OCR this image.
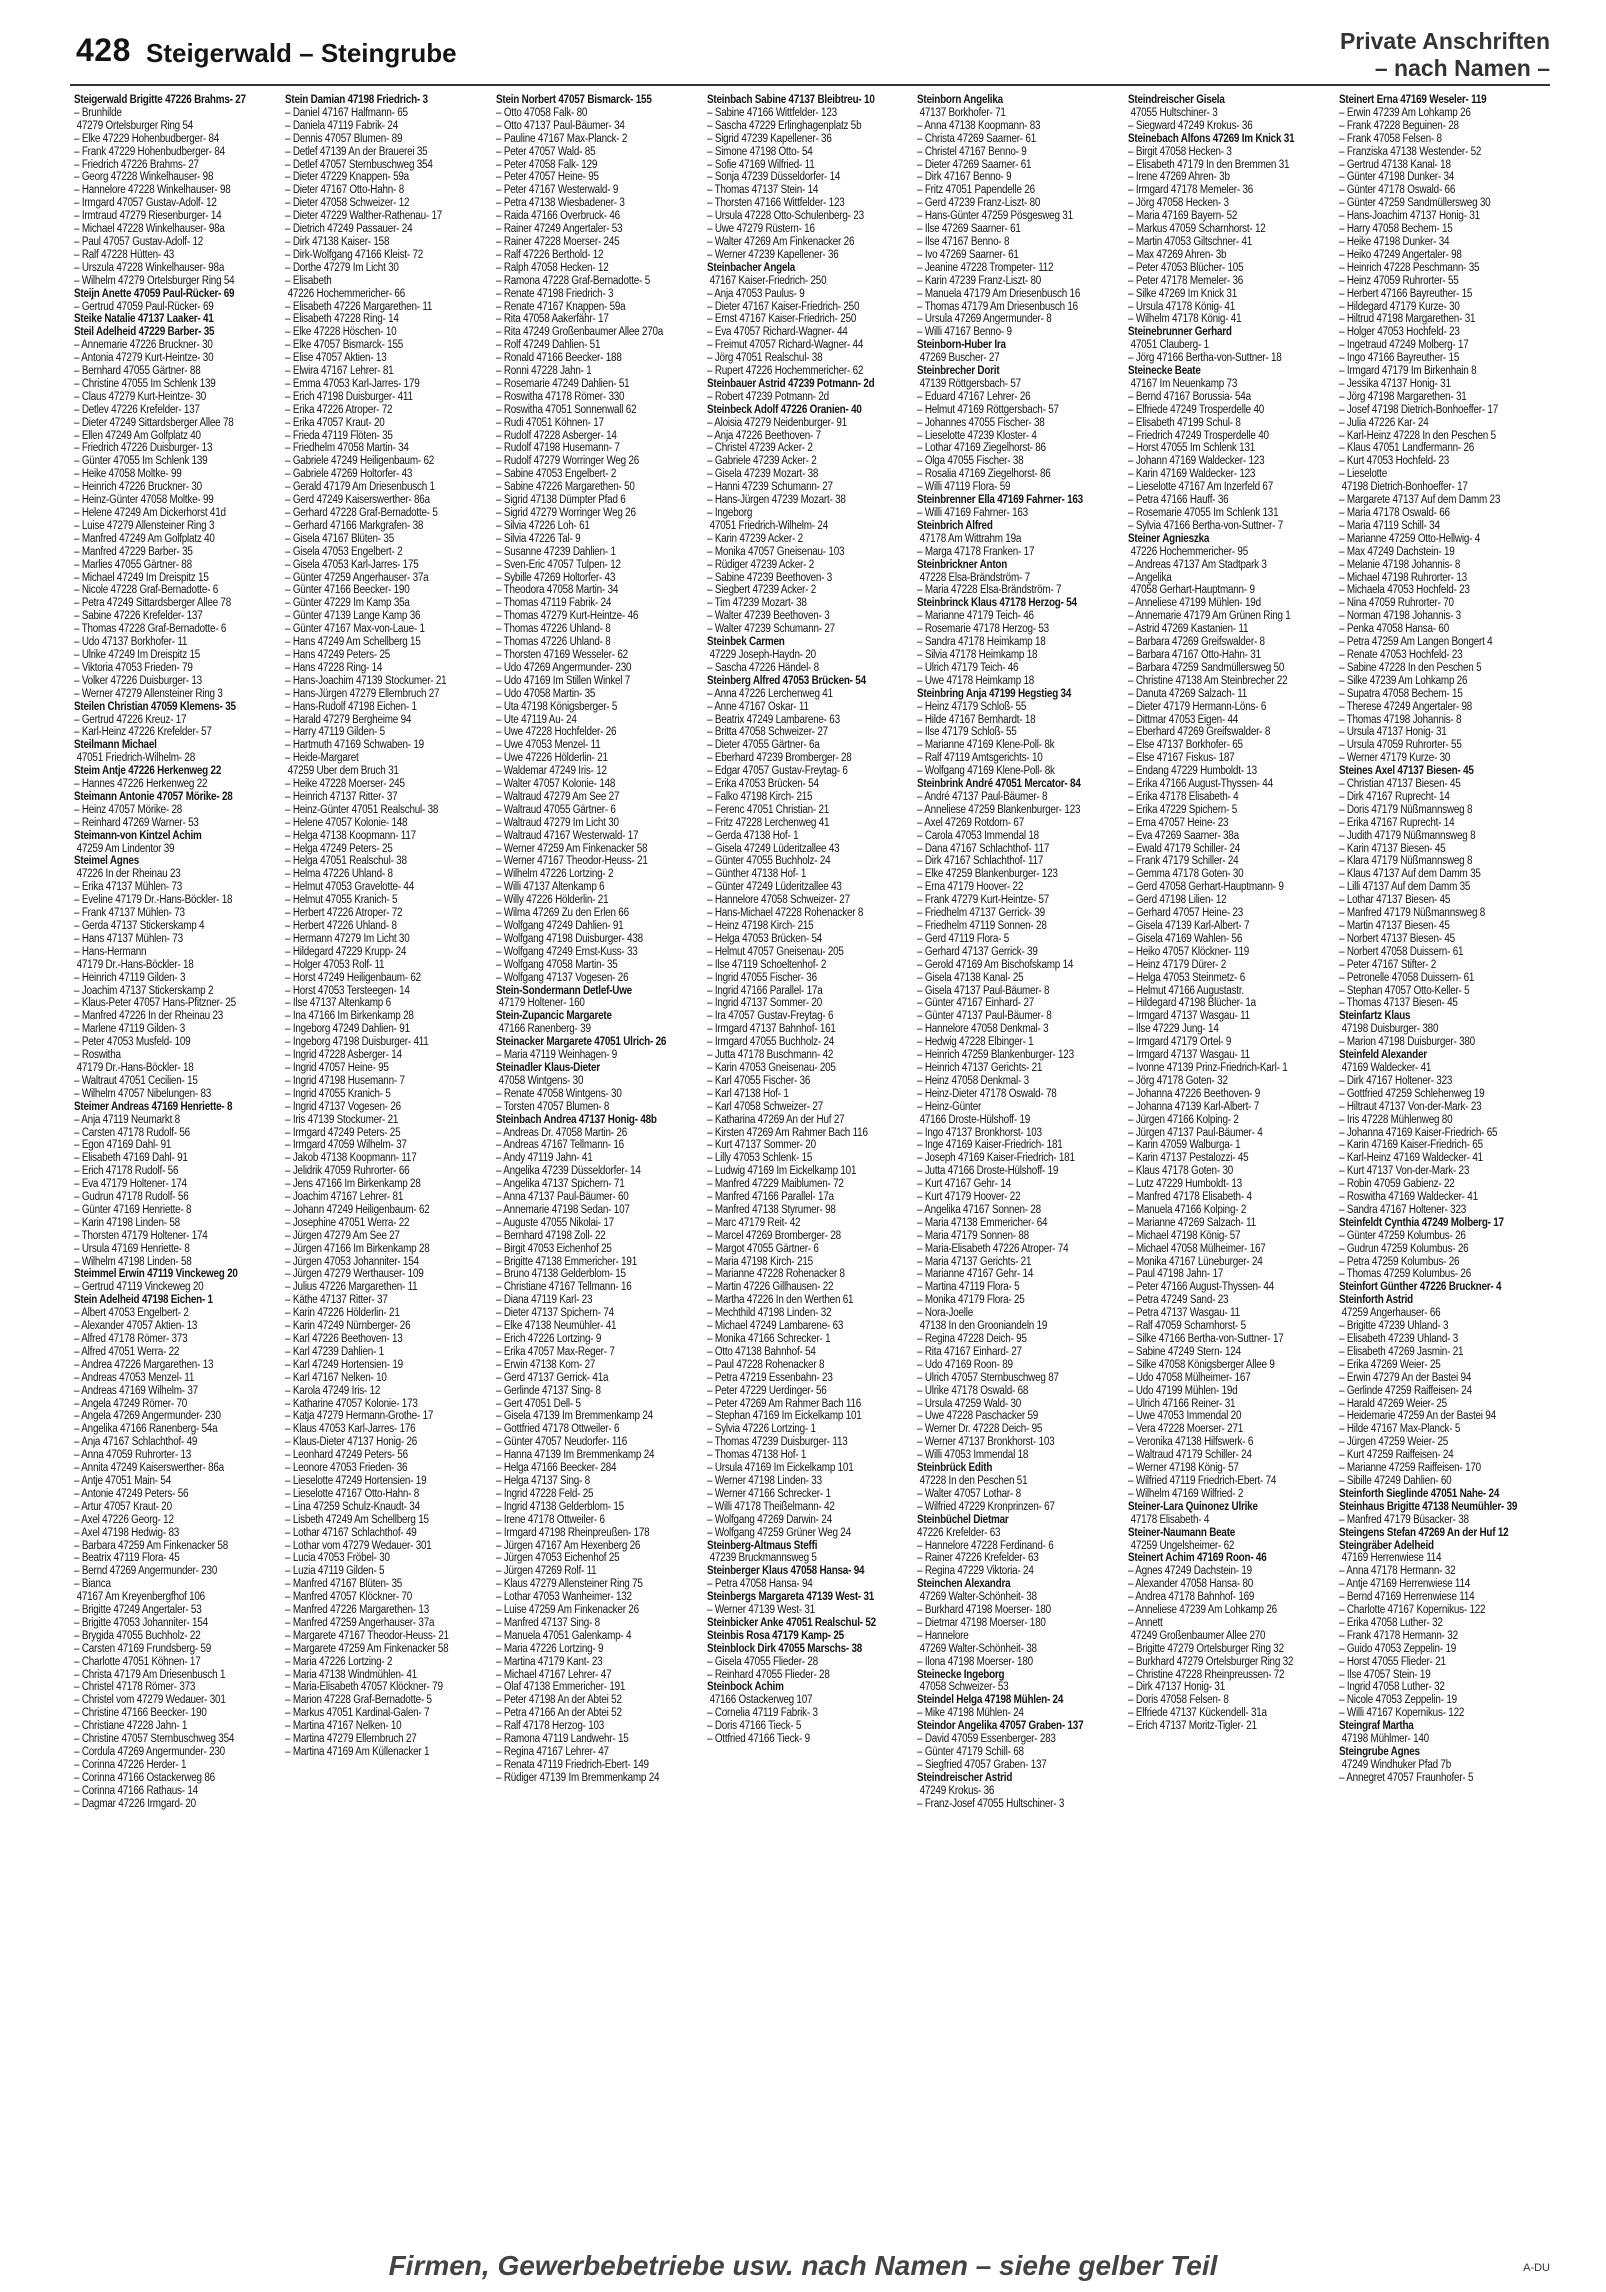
428 Steigerwald – Steingrube	Private Anschriften
– nach Namen –
Steigerwald Brigitte 47226 Brahms- 27
– Brunhilde
47279 Ortelsburger Ring 54
– Elke 47229 Hohenbudberger- 84
– Frank 47229 Hohenbudberger- 84
– Friedrich 47226 Brahms- 27
– Georg 47228 Winkelhauser- 98
– Hannelore 47228 Winkelhauser- 98
– Irmgard 47057 Gustav-Adolf- 12
– Irmtraud 47279 Riesenburger- 14
– Michael 47228 Winkelhauser- 98a
– Paul 47057 Gustav-Adolf- 12
– Ralf 47228 Hütten- 43
– Urszula 47228 Winkelhauser- 98a
– Wilhelm 47279 Ortelsburger Ring 54
Steijn Anette 47059 Paul-Rücker- 69
– Gertrud 47059 Paul-Rücker- 69
Steike Natalie 47137 Laaker- 41
Steil Adelheid 47229 Barber- 35
– Annemarie 47226 Bruckner- 30
– Antonia 47279 Kurt-Heintze- 30
– Bernhard 47055 Gärtner- 88
– Christine 47055 Im Schlenk 139
– Claus 47279 Kurt-Heintze- 30
– Detlev 47226 Krefelder- 137
– Dieter 47249 Sittardsberger Allee 78
– Ellen 47249 Am Golfplatz 40
– Friedrich 47226 Duisburger- 13
– Günter 47055 Im Schlenk 139
– Heike 47058 Moltke- 99
– Heinrich 47226 Bruckner- 30
– Heinz-Günter 47058 Moltke- 99
– Helene 47249 Am Dickerhorst 41d
– Luise 47279 Allensteiner Ring 3
– Manfred 47249 Am Golfplatz 40
– Manfred 47229 Barber- 35
– Marlies 47055 Gärtner- 88
– Michael 47249 Im Dreispitz 15
– Nicole 47228 Graf-Bernadotte- 6
– Petra 47249 Sittardsberger Allee 78
– Sabine 47226 Krefelder- 137
– Thomas 47228 Graf-Bernadotte- 6
– Udo 47137 Borkhofer- 11
– Ulrike 47249 Im Dreispitz 15
– Viktoria 47053 Frieden- 79
– Volker 47226 Duisburger- 13
– Werner 47279 Allensteiner Ring 3
Steilen Christian 47059 Klemens- 35
– Gertrud 47226 Kreuz- 17
– Karl-Heinz 47226 Krefelder- 57
Steilmann Michael
47051 Friedrich-Wilhelm- 28
Steim Antje 47226 Herkenweg 22
– Hannes 47226 Herkenweg 22
Steimann Antonie 47057 Mörike- 28
– Heinz 47057 Mörike- 28
– Reinhard 47269 Warner- 53
Steimann-von Kintzel Achim
47259 Am Lindentor 39
Steimel Agnes
47226 In der Rheinau 23
– Erika 47137 Mühlen- 73
– Eveline 47179 Dr.-Hans-Böckler- 18
– Frank 47137 Mühlen- 73
– Gerda 47137 Stickerskamp 4
– Hans 47137 Mühlen- 73
– Hans-Hermann
47179 Dr.-Hans-Böckler- 18
– Heinrich 47119 Gilden- 3
– Joachim 47137 Stickerskamp 2
– Klaus-Peter 47057 Hans-Pfitzner- 25
– Manfred 47226 In der Rheinau 23
– Marlene 47119 Gilden- 3
– Peter 47053 Musfeld- 109
– Roswitha
47179 Dr.-Hans-Böckler- 18
– Waltraut 47051 Cecilien- 15
– Wilhelm 47057 Nibelungen- 83
Steimer Andreas 47169 Henriette- 8
– Anja 47119 Neumarkt 8
– Carsten 47178 Rudolf- 56
– Egon 47169 Dahl- 91
– Elisabeth 47169 Dahl- 91
– Erich 47178 Rudolf- 56
– Eva 47179 Holtener- 174
– Gudrun 47178 Rudolf- 56
– Günter 47169 Henriette- 8
– Karin 47198 Linden- 58
– Thorsten 47179 Holtener- 174
– Ursula 47169 Henriette- 8
– Wilhelm 47198 Linden- 58
Steimmel Erwin 47119 Vinckeweg 20
– Gertrud 47119 Vinckeweg 20
Stein Adelheid 47198 Eichen- 1
– Albert 47053 Engelbert- 2
– Alexander 47057 Aktien- 13
– Alfred 47178 Römer- 373
– Alfred 47051 Werra- 22
– Andrea 47226 Margarethen- 13
– Andreas 47053 Menzel- 11
– Andreas 47169 Wilhelm- 37
– Angela 47249 Römer- 70
– Angela 47269 Angermunder- 230
– Angelika 47166 Ranenberg- 54a
– Anja 47167 Schlachthof- 49
– Anna 47059 Ruhrorter- 13
– Annita 47249 Kaiserswerther- 86a
– Antje 47051 Main- 54
– Antonie 47249 Peters- 56
– Artur 47057 Kraut- 20
– Axel 47226 Georg- 12
– Axel 47198 Hedwig- 83
– Barbara 47259 Am Finkenacker 58
– Beatrix 47119 Flora- 45
– Bernd 47269 Angermunder- 230
– Bianca
47167 Am Kreyenbergfhof 106
– Brigitte 47249 Angertaler- 53
– Brigitte 47053 Johanniter- 154
– Brygida 47055 Buchholz- 22
– Carsten 47169 Frundsberg- 59
– Charlotte 47051 Köhnen- 17
– Christa 47179 Am Driesenbusch 1
– Christel 47178 Römer- 373
– Christel vom 47279 Wedauer- 301
– Christine 47166 Beecker- 190
– Christiane 47228 Jahn- 1
– Christine 47057 Sternbuschweg 354
– Cordula 47269 Angermunder- 230
– Corinna 47226 Herder- 1
– Corinna 47166 Ostackerweg 86
– Corinna 47166 Rathaus- 14
– Dagmar 47226 Irmgard- 20
Stein Damian 47198 Friedrich- 3
– Daniel 47167 Halfmann- 65
– Daniela 47119 Fabrik- 24
– Dennis 47057 Blumen- 89
– Detlef 47139 An der Brauerei 35
– Detlef 47057 Sternbuschweg 354
– Dieter 47229 Knappen- 59a
– Dieter 47167 Otto-Hahn- 8
– Dieter 47058 Schweizer- 12
– Dieter 47229 Walther-Rathenau- 17
– Dietrich 47249 Passauer- 24
– Dirk 47138 Kaiser- 158
– Dirk-Wolfgang 47166 Kleist- 72
– Dorthe 47279 Im Licht 30
– Elisabeth
47226 Hochemmericher- 66
– Elisabeth 47226 Margarethen- 11
– Elisabeth 47228 Ring- 14
– Elke 47228 Höschen- 10
– Elke 47057 Bismarck- 155
– Elise 47057 Aktien- 13
– Elwira 47167 Lehrer- 81
– Emma 47053 Karl-Jarres- 179
– Erich 47198 Duisburger- 411
– Erika 47226 Atroper- 72
– Erika 47057 Kraut- 20
– Frieda 47119 Flöten- 35
– Friedhelm 47058 Martin- 34
– Gabriele 47249 Heiligenbaum- 62
– Gabriele 47269 Holtorfer- 43
– Gerald 47179 Am Driesenbusch 1
– Gerd 47249 Kaiserswerther- 86a
– Gerhard 47228 Graf-Bernadotte- 5
– Gerhard 47166 Markgrafen- 38
– Gisela 47167 Blüten- 35
– Gisela 47053 Engelbert- 2
– Gisela 47053 Karl-Jarres- 175
– Günter 47259 Angerhauser- 37a
– Günter 47166 Beecker- 190
– Günter 47229 Im Kamp 35a
– Günter 47139 Lange Kamp 36
– Günter 47167 Max-von-Laue- 1
– Hans 47249 Am Schellberg 15
– Hans 47249 Peters- 25
– Hans 47228 Ring- 14
– Hans-Joachim 47139 Stockumer- 21
– Hans-Jürgen 47279 Ellernbruch 27
– Hans-Rudolf 47198 Eichen- 1
– Harald 47279 Bergheime 94
– Harry 47119 Gilden- 5
– Hartmuth 47169 Schwaben- 19
– Heide-Margaret
47259 Über dem Bruch 31
– Heike 47228 Moerser- 245
– Heinrich 47137 Ritter- 37
– Heinz-Günter 47051 Realschul- 38
– Helene 47057 Kolonie- 148
– Helga 47138 Koopmann- 117
– Helga 47249 Peters- 25
– Helga 47051 Realschul- 38
– Helma 47226 Uhland- 8
– Helmut 47053 Gravelotte- 44
– Helmut 47055 Kranich- 5
– Herbert 47226 Atroper- 72
– Herbert 47226 Uhland- 8
– Hermann 47279 Im Licht 30
– Hildegard 47229 Krupp- 24
– Holger 47053 Rolf- 11
– Horst 47249 Heiligenbaum- 62
– Horst 47053 Tersteegen- 14
– Ilse 47137 Altenkamp 6
– Ina 47166 Im Birkenkamp 28
– Ingeborg 47249 Dahlien- 91
– Ingeborg 47198 Duisburger- 411
– Ingrid 47228 Asberger- 14
– Ingrid 47057 Heine- 95
– Ingrid 47198 Husemann- 7
– Ingrid 47055 Kranich- 5
– Ingrid 47137 Vogesen- 26
– Iris 47139 Stockumer- 21
– Irmgard 47249 Peters- 25
– Irmgard 47059 Wilhelm- 37
– Jakob 47138 Koopmann- 117
– Jelidrik 47059 Ruhrorter- 66
– Jens 47166 Im Birkenkamp 28
– Joachim 47167 Lehrer- 81
– Johann 47249 Heiligenbaum- 62
– Josephine 47051 Werra- 22
– Jürgen 47279 Am See 27
– Jürgen 47166 Im Birkenkamp 28
– Jürgen 47053 Johanniter- 154
– Jürgen 47279 Werthauser- 109
– Julius 47226 Margarethen- 11
– Käthe 47137 Ritter- 37
– Karin 47226 Hölderlin- 21
– Karin 47249 Nürnberger- 26
– Karl 47226 Beethoven- 13
– Karl 47239 Dahlien- 1
– Karl 47249 Hortensien- 19
– Karl 47167 Nelken- 10
– Karola 47249 Iris- 12
– Katharine 47057 Kolonie- 173
– Katja 47279 Hermann-Grothe- 17
– Klaus 47053 Karl-Jarres- 176
– Klaus-Dieter 47137 Honig- 26
– Leonhard 47249 Peters- 56
– Leonore 47053 Frieden- 36
– Lieselotte 47249 Hortensien- 19
– Lieselotte 47167 Otto-Hahn- 8
– Lina 47259 Schulz-Knaudt- 34
– Lisbeth 47249 Am Schellberg 15
– Lothar 47167 Schlachthof- 49
– Lothar vom 47279 Wedauer- 301
– Lucia 47053 Fröbel- 30
– Luzia 47119 Gilden- 5
– Manfred 47167 Blüten- 35
– Manfred 47057 Klöckner- 70
– Manfred 47226 Margarethen- 13
– Manfred 47259 Angerhauser- 37a
– Margarete 47167 Theodor-Heuss- 21
– Margarete 47259 Am Finkenacker 58
– Maria 47226 Lortzing- 2
– Maria 47138 Windmühlen- 41
– Maria-Elisabeth 47057 Klöckner- 79
– Marion 47228 Graf-Bernadotte- 5
– Markus 47051 Kardinal-Galen- 7
– Martina 47167 Nelken- 10
– Martina 47279 Ellernbruch 27
– Martina 47169 Am Küllenacker 1
Stein Norbert 47057 Bismarck- 155
– Otto 47058 Falk- 80
– Otto 47137 Paul-Bäumer- 34
– Pauline 47167 Max-Planck- 2
– Peter 47057 Wald- 85
– Peter 47058 Falk- 129
– Peter 47057 Heine- 95
– Peter 47167 Westerwald- 9
– Petra 47138 Wiesbadener- 3
– Raida 47166 Overbruck- 46
– Rainer 47249 Angertaler- 53
– Rainer 47228 Moerser- 245
– Ralf 47226 Berthold- 12
– Ralph 47058 Hecken- 12
– Ramona 47228 Graf-Bernadotte- 5
– Renate 47198 Friedrich- 3
– Renate 47167 Knappen- 59a
– Rita 47058 Aakerfähr- 17
– Rita 47249 Großenbaumer Allee 270a
– Rolf 47249 Dahlien- 51
– Ronald 47166 Beecker- 188
– Ronni 47228 Jahn- 1
– Rosemarie 47249 Dahlien- 51
– Roswitha 47178 Römer- 330
– Roswitha 47051 Sonnenwall 62
– Rudi 47051 Köhnen- 17
– Rudolf 47228 Asberger- 14
– Rudolf 47198 Husemann- 7
– Rudolf 47279 Worringer Weg 26
– Sabine 47053 Engelbert- 2
– Sabine 47226 Margarethen- 50
– Sigrid 47138 Dümpter Pfad 6
– Sigrid 47279 Worringer Weg 26
– Silvia 47226 Loh- 61
– Silvia 47226 Tal- 9
– Susanne 47239 Dahlien- 1
– Sven-Eric 47057 Tulpen- 12
– Sybille 47269 Holtorfer- 43
– Theodora 47058 Martin- 34
– Thomas 47119 Fabrik- 24
– Thomas 47279 Kurt-Heintze- 46
– Thomas 47226 Uhland- 8
– Thomas 47226 Uhland- 8
– Thorsten 47169 Wesseler- 62
– Udo 47269 Angermunder- 230
– Udo 47169 Im Stillen Winkel 7
– Udo 47058 Martin- 35
– Uta 47198 Königsberger- 5
– Ute 47119 Au- 24
– Uwe 47228 Hochfelder- 26
– Uwe 47053 Menzel- 11
– Uwe 47226 Hölderlin- 21
– Waldemar 47249 Iris- 12
– Walter 47057 Kolonie- 148
– Waltraud 47279 Am See 27
– Waltraud 47055 Gärtner- 6
– Waltraud 47279 Im Licht 30
– Waltraud 47167 Westerwald- 17
– Werner 47259 Am Finkenacker 58
– Werner 47167 Theodor-Heuss- 21
– Wilhelm 47226 Lortzing- 2
– Willi 47137 Altenkamp 6
– Willy 47226 Hölderlin- 21
– Wilma 47269 Zu den Erlen 66
– Wolfgang 47249 Dahlien- 91
– Wolfgang 47198 Duisburger- 438
– Wolfgang 47249 Ernst-Kuss- 33
– Wolfgang 47058 Martin- 35
– Wolfgang 47137 Vogesen- 26
Stein-Sondermann Detlef-Uwe
47179 Holtener- 160
Stein-Zupancic Margarete
47166 Ranenberg- 39
Steinacker Margarete 47051 Ulrich- 26
– Maria 47119 Weinhagen- 9
Steinadler Klaus-Dieter
47058 Wintgens- 30
– Renate 47058 Wintgens- 30
– Torsten 47057 Blumen- 8
Steinbach Andrea 47137 Honig- 48b
– Andreas Dr. 47058 Martin- 26
– Andreas 47167 Tellmann- 16
– Andy 47119 Jahn- 41
– Angelika 47239 Düsseldorfer- 14
– Angelika 47137 Spichern- 71
– Anna 47137 Paul-Bäumer- 60
– Annemarie 47198 Sedan- 107
– Auguste 47055 Nikolai- 17
– Bernhard 47198 Zoll- 22
– Birgit 47053 Eichenhof 25
– Brigitte 47138 Emmericher- 191
– Bruno 47138 Gelderblom- 15
– Christiane 47167 Tellmann- 16
– Diana 47119 Karl- 23
– Dieter 47137 Spichern- 74
– Elke 47138 Neumühler- 41
– Erich 47226 Lortzing- 9
– Erika 47057 Max-Reger- 7
– Erwin 47138 Korn- 27
– Gerd 47137 Gerrick- 41a
– Gerlinde 47137 Sing- 8
– Gert 47051 Dell- 5
– Gisela 47139 Im Bremmenkamp 24
– Gottfried 47178 Ottweiler- 6
– Günter 47057 Neudorfer- 116
– Hanna 47139 Im Bremmenkamp 24
– Helga 47166 Beecker- 284
– Helga 47137 Sing- 8
– Ingrid 47228 Feld- 25
– Ingrid 47138 Gelderblom- 15
– Irene 47178 Ottweiler- 6
– Irmgard 47198 Rheinpreußen- 178
– Jürgen 47167 Am Hexenberg 26
– Jürgen 47053 Eichenhof 25
– Jürgen 47269 Rolf- 11
– Klaus 47279 Allensteiner Ring 75
– Lothar 47053 Wanheimer- 132
– Luise 47259 Am Finkenacker 26
– Manfred 47137 Sing- 8
– Manuela 47051 Galenkamp- 4
– Maria 47226 Lortzing- 9
– Martina 47179 Kant- 23
– Michael 47167 Lehrer- 47
– Olaf 47138 Emmericher- 191
– Peter 47198 An der Abtei 52
– Petra 47166 An der Abtei 52
– Ralf 47178 Herzog- 103
– Ramona 47119 Landwehr- 15
– Regina 47167 Lehrer- 47
– Renata 47119 Friedrich-Ebert- 149
– Rüdiger 47139 Im Bremmenkamp 24
Steinbach Sabine 47137 Bleibtreu- 10
– Sabine 47166 Wittfelder- 123
– Sascha 47229 Erlinghagenplatz 5b
– Sigrid 47239 Kapellener- 36
– Simone 47198 Otto- 54
– Sofie 47169 Wilfried- 11
– Sonja 47239 Düsseldorfer- 14
– Thomas 47137 Stein- 14
– Thorsten 47166 Wittfelder- 123
– Ursula 47228 Otto-Schulenberg- 23
– Uwe 47279 Rüstern- 16
– Walter 47269 Am Finkenacker 26
– Werner 47239 Kapellener- 36
Steinbacher Angela
47167 Kaiser-Friedrich- 250
– Anja 47053 Paulus- 9
– Dieter 47167 Kaiser-Friedrich- 250
– Ernst 47167 Kaiser-Friedrich- 250
– Eva 47057 Richard-Wagner- 44
– Freimut 47057 Richard-Wagner- 44
– Jörg 47051 Realschul- 38
– Rupert 47226 Hochemmericher- 62
Steinbauer Astrid 47239 Potmann- 2d
– Robert 47239 Potmann- 2d
Steinbeck Adolf 47226 Oranien- 40
– Aloisia 47279 Neidenburger- 91
– Anja 47226 Beethoven- 7
– Christel 47239 Acker- 2
– Gabriele 47239 Acker- 2
– Gisela 47239 Mozart- 38
– Hanni 47239 Schumann- 27
– Hans-Jürgen 47239 Mozart- 38
– Ingeborg
47051 Friedrich-Wilhelm- 24
– Karin 47239 Acker- 2
– Monika 47057 Gneisenau- 103
– Rüdiger 47239 Acker- 2
– Sabine 47239 Beethoven- 3
– Siegbert 47239 Acker- 2
– Tim 47239 Mozart- 38
– Walter 47239 Beethoven- 3
– Walter 47239 Schumann- 27
Steinbek Carmen
47229 Joseph-Haydn- 20
– Sascha 47226 Händel- 8
Steinberg Alfred 47053 Brücken- 54
– Anna 47226 Lerchenweg 41
– Anne 47167 Oskar- 11
– Beatrix 47249 Lambarene- 63
– Britta 47058 Schweizer- 27
– Dieter 47055 Gärtner- 6a
– Eberhard 47239 Bromberger- 28
– Edgar 47057 Gustav-Freytag- 6
– Erika 47053 Brücken- 54
– Falko 47198 Kirch- 215
– Ferenc 47051 Christian- 21
– Fritz 47228 Lerchenweg 41
– Gerda 47138 Hof- 1
– Gisela 47249 Lüderitzallee 43
– Günter 47055 Buchholz- 24
– Günther 47138 Hof- 1
– Günter 47249 Lüderitzallee 43
– Hannelore 47058 Schweizer- 27
– Hans-Michael 47228 Rohenacker 8
– Heinz 47198 Kirch- 215
– Helga 47053 Brücken- 54
– Helmut 47057 Gneisenau- 205
– Ilse 47119 Schoeltenhof- 2
– Ingrid 47055 Fischer- 36
– Ingrid 47166 Parallel- 17a
– Ingrid 47137 Sommer- 20
– Ira 47057 Gustav-Freytag- 6
– Irmgard 47137 Bahnhof- 161
– Irmgard 47055 Buchholz- 24
– Jutta 47178 Buschmann- 42
– Karin 47053 Gneisenau- 205
– Karl 47055 Fischer- 36
– Karl 47138 Hof- 1
– Karl 47058 Schweizer- 27
– Katharina 47269 An der Huf 27
– Kirsten 47269 Am Rahmer Bach 116
– Kurt 47137 Sommer- 20
– Lilly 47053 Schlenk- 15
– Ludwig 47169 Im Eickelkamp 101
– Manfred 47229 Maiblumen- 72
– Manfred 47166 Parallel- 17a
– Manfred 47138 Styrumer- 98
– Marc 47179 Reit- 42
– Marcel 47269 Bromberger- 28
– Margot 47055 Gärtner- 6
– Maria 47198 Kirch- 215
– Marianne 47228 Rohenacker 8
– Martin 47226 Gillhausen- 22
– Martha 47226 In den Werthen 61
– Mechthild 47198 Linden- 32
– Michael 47249 Lambarene- 63
– Monika 47166 Schrecker- 1
– Otto 47138 Bahnhof- 54
– Paul 47228 Rohenacker 8
– Petra 47219 Essenbahn- 23
– Peter 47229 Uerdinger- 56
– Peter 47269 Am Rahmer Bach 116
– Stephan 47169 Im Eickelkamp 101
– Sylvia 47226 Lortzing- 1
– Thomas 47239 Duisburger- 113
– Thomas 47138 Hof- 1
– Ursula 47169 Im Eickelkamp 101
– Werner 47198 Linden- 33
– Werner 47166 Schrecker- 1
– Willi 47178 Theißelmann- 42
– Wolfgang 47269 Darwin- 24
– Wolfgang 47259 Grüner Weg 24
Steinberg-Altmaus Steffi
47239 Bruckmannsweg 5
Steinberger Klaus 47058 Hansa- 94
– Petra 47058 Hansa- 94
Steinbergs Margareta 47139 West- 31
– Werner 47139 West- 31
Steinbicker Anke 47051 Realschul- 52
Steinbis Rosa 47179 Kamp- 25
Steinblock Dirk 47055 Marschs- 38
– Gisela 47055 Flieder- 28
– Reinhard 47055 Flieder- 28
Steinbock Achim
47166 Ostackerweg 107
– Cornelia 47119 Fabrik- 3
– Doris 47166 Tieck- 5
– Ottfried 47166 Tieck- 9
Steinborn Angelika
47137 Borkhofer- 71
– Anna 47138 Koopmann- 83
– Christa 47269 Saarner- 61
– Christel 47167 Benno- 9
– Dieter 47269 Saarner- 61
– Dirk 47167 Benno- 9
– Fritz 47051 Papendelle 26
– Gerd 47239 Franz-Liszt- 80
– Hans-Günter 47259 Pösgesweg 31
– Ilse 47269 Saarner- 61
– Ilse 47167 Benno- 8
– Ivo 47269 Saarner- 61
– Jeanine 47228 Trompeter- 112
– Karin 47239 Franz-Liszt- 80
– Manuela 47179 Am Driesenbusch 16
– Thomas 47179 Am Driesenbusch 16
– Ursula 47269 Angermunder- 8
– Willi 47167 Benno- 9
Steinborn-Huber Ira
47269 Buscher- 27
Steinbrecher Dorit
47139 Röttgersbach- 57
– Eduard 47167 Lehrer- 26
– Helmut 47169 Röttgersbach- 57
– Johannes 47055 Fischer- 38
– Lieselotte 47239 Kloster- 4
– Lothar 47169 Ziegelhorst- 86
– Olga 47055 Fischer- 38
– Rosalia 47169 Ziegelhorst- 86
– Willi 47119 Flora- 59
Steinbrenner Ella 47169 Fahrner- 163
– Willi 47169 Fahrner- 163
Steinbrich Alfred
47178 Am Wittrahm 19a
– Marga 47178 Franken- 17
Steinbrickner Anton
47228 Elsa-Brändström- 7
– Maria 47228 Elsa-Brändström- 7
Steinbrinck Klaus 47178 Herzog- 54
– Marianne 47179 Teich- 46
– Rosemarie 47178 Herzog- 53
– Sandra 47178 Heimkamp 18
– Silvia 47178 Heimkamp 18
– Ulrich 47179 Teich- 46
– Uwe 47178 Heimkamp 18
Steinbring Anja 47199 Hegstieg 34
– Heinz 47179 Schloß- 55
– Hilde 47167 Bernhardt- 18
– Ilse 47179 Schloß- 55
– Marianne 47169 Klene-Poll- 8k
– Ralf 47119 Amtsgerichts- 10
– Wolfgang 47169 Klene-Poll- 8k
Steinbrink André 47051 Mercator- 84
– André 47137 Paul-Bäumer- 8
– Anneliese 47259 Blankenburger- 123
– Axel 47269 Rotdorn- 67
– Carola 47053 Immendal 18
– Dana 47167 Schlachthof- 117
– Dirk 47167 Schlachthof- 117
– Elke 47259 Blankenburger- 123
– Erna 47179 Hoover- 22
– Frank 47279 Kurt-Heintze- 57
– Friedhelm 47137 Gerrick- 39
– Friedhelm 47119 Sonnen- 28
– Gerd 47119 Flora- 5
– Gerhard 47137 Gerrick- 39
– Gerold 47169 Am Bischofskamp 14
– Gisela 47138 Kanal- 25
– Gisela 47137 Paul-Bäumer- 8
– Günter 47167 Einhard- 27
– Günter 47137 Paul-Bäumer- 8
– Hannelore 47058 Denkmal- 3
– Hedwig 47228 Elbinger- 1
– Heinrich 47259 Blankenburger- 123
– Heinrich 47137 Gerichts- 21
– Heinz 47058 Denkmal- 3
– Heinz-Dieter 47178 Oswald- 78
– Heinz-Günter
47166 Droste-Hülshoff- 19
– Ingo 47137 Bronkhorst- 103
– Inge 47169 Kaiser-Friedrich- 181
– Joseph 47169 Kaiser-Friedrich- 181
– Jutta 47166 Droste-Hülshoff- 19
– Kurt 47167 Gehr- 14
– Kurt 47179 Hoover- 22
– Angelika 47167 Sonnen- 28
– Maria 47138 Emmericher- 64
– Maria 47179 Sonnen- 88
– Maria-Elisabeth 47226 Atroper- 74
– Maria 47137 Gerichts- 21
– Marianne 47167 Gehr- 14
– Martina 47119 Flora- 5
– Monika 47179 Flora- 25
– Nora-Joelle
47138 In den Grooniandeln 19
– Regina 47228 Deich- 95
– Rita 47167 Einhard- 27
– Udo 47169 Roon- 89
– Ulrich 47057 Sternbuschweg 87
– Ulrike 47178 Oswald- 68
– Ursula 47259 Wald- 30
– Uwe 47228 Paschacker 59
– Werner Dr. 47228 Deich- 95
– Werner 47137 Bronkhorst- 103
– Willi 47053 Immendal 18
Steinbrück Edith
47228 In den Peschen 51
– Walter 47057 Lothar- 8
– Wilfried 47229 Kronprinzen- 67
Steinbüchel Dietmar
47226 Krefelder- 63
– Hannelore 47228 Ferdinand- 6
– Rainer 47226 Krefelder- 63
– Regina 47229 Viktoria- 24
Steinchen Alexandra
47269 Walter-Schönheit- 38
– Burkhard 47198 Moerser- 180
– Dietmar 47198 Moerser- 180
– Hannelore
47269 Walter-Schönheit- 38
– Ilona 47198 Moerser- 180
Steinecke Ingeborg
47058 Schweizer- 53
Steindel Helga 47198 Mühlen- 24
– Mike 47198 Mühlen- 24
Steindor Angelika 47057 Graben- 137
– David 47059 Essenberger- 283
– Günter 47179 Schill- 68
– Siegfried 47057 Graben- 137
Steindreischer Astrid
47249 Krokus- 36
– Franz-Josef 47055 Hultschiner- 3
Steindreischer Gisela
47055 Hultschiner- 3
– Siegward 47249 Krokus- 36
Steinebach Alfons 47269 Im Knick 31
– Birgit 47058 Hecken- 3
– Elisabeth 47179 In den Bremmen 31
– Irene 47269 Ahren- 3b
– Irmgard 47178 Memeler- 36
– Jörg 47058 Hecken- 3
– Maria 47169 Bayern- 52
– Markus 47059 Scharnhorst- 12
– Martin 47053 Giltschner- 41
– Max 47269 Ahren- 3b
– Peter 47053 Blücher- 105
– Peter 47178 Memeler- 36
– Silke 47269 Im Knick 31
– Ursula 47178 König- 41
– Wilhelm 47178 König- 41
Steinebrunner Gerhard
47051 Clauberg- 1
– Jörg 47166 Bertha-von-Suttner- 18
Steinecke Beate
47167 Im Neuenkamp 73
– Bernd 47167 Borussia- 54a
– Elfriede 47249 Trosperdelle 40
– Elisabeth 47199 Schul- 8
– Friedrich 47249 Trosperdelle 40
– Horst 47055 Im Schlenk 131
– Johann 47169 Waldecker- 123
– Karin 47169 Waldecker- 123
– Lieselotte 47167 Am Inzerfeld 67
– Petra 47166 Hauff- 36
– Rosemarie 47055 Im Schlenk 131
– Sylvia 47166 Bertha-von-Suttner- 7
Steiner Agnieszka
47226 Hochemmericher- 95
– Andreas 47137 Am Stadtpark 3
– Angelika
47058 Gerhart-Hauptmann- 9
– Anneliese 47199 Mühlen- 19d
– Annemarie 47179 Am Grünen Ring 1
– Astrid 47269 Kastanien- 11
– Barbara 47269 Greifswalder- 8
– Barbara 47167 Otto-Hahn- 31
– Barbara 47259 Sandmüllersweg 50
– Christine 47138 Am Steinbrecher 22
– Danuta 47269 Salzach- 11
– Dieter 47179 Hermann-Löns- 6
– Dittmar 47053 Eigen- 44
– Eberhard 47269 Greifswalder- 8
– Else 47137 Borkhofer- 65
– Else 47167 Fiskus- 187
– Endang 47229 Humboldt- 13
– Erika 47166 August-Thyssen- 44
– Erika 47178 Elisabeth- 4
– Erika 47229 Spichern- 5
– Erna 47057 Heine- 23
– Eva 47269 Saarner- 38a
– Ewald 47179 Schiller- 24
– Frank 47179 Schiller- 24
– Gemma 47178 Goten- 30
– Gerd 47058 Gerhart-Hauptmann- 9
– Gerd 47198 Lilien- 12
– Gerhard 47057 Heine- 23
– Gisela 47139 Karl-Albert- 7
– Gisela 47169 Wahlen- 56
– Heiko 47057 Klöckner- 119
– Heinz 47179 Dürer- 2
– Helga 47053 Steinmetz- 6
– Helmut 47166 Augustastr.
– Hildegard 47198 Blücher- 1a
– Irmgard 47137 Wasgau- 11
– Ilse 47229 Jung- 14
– Irmgard 47179 Ortel- 9
– Irmgard 47137 Wasgau- 11
– Ivonne 47139 Prinz-Friedrich-Karl- 1
– Jörg 47178 Goten- 32
– Johanna 47226 Beethoven- 9
– Johanna 47139 Karl-Albert- 7
– Jürgen 47166 Kolping- 2
– Jürgen 47137 Paul-Bäumer- 4
– Karin 47059 Walburga- 1
– Karin 47137 Pestalozzi- 45
– Klaus 47178 Goten- 30
– Lutz 47229 Humboldt- 13
– Manfred 47178 Elisabeth- 4
– Manuela 47166 Kolping- 2
– Marianne 47269 Salzach- 11
– Michael 47198 König- 57
– Michael 47058 Mülheimer- 167
– Monika 47167 Lüneburger- 24
– Paul 47198 Jahn- 17
– Peter 47166 August-Thyssen- 44
– Petra 47249 Sand- 23
– Petra 47137 Wasgau- 11
– Ralf 47059 Scharnhorst- 5
– Silke 47166 Bertha-von-Suttner- 17
– Sabine 47249 Stern- 124
– Silke 47058 Königsberger Allee 9
– Udo 47058 Mülheimer- 167
– Udo 47199 Mühlen- 19d
– Ulrich 47166 Reiner- 31
– Uwe 47053 Immendal 20
– Vera 47228 Moerser- 271
– Veronika 47138 Hilfswerk- 6
– Waltraud 47179 Schiller- 24
– Werner 47198 König- 57
– Wilfried 47119 Friedrich-Ebert- 74
– Wilhelm 47169 Wilfried- 2
Steiner-Lara Quinonez Ulrike
47178 Elisabeth- 4
Steiner-Naumann Beate
47259 Ungelsheimer- 62
Steinert Achim 47169 Roon- 46
– Agnes 47249 Dachstein- 19
– Alexander 47058 Hansa- 80
– Andrea 47178 Bahnhof- 169
– Anneliese 47239 Am Lohkamp 26
– Annett
47249 Großenbaumer Allee 270
– Brigitte 47279 Ortelsburger Ring 32
– Burkhard 47279 Ortelsburger Ring 32
– Christine 47228 Rheinpreussen- 72
– Dirk 47137 Honig- 31
– Doris 47058 Felsen- 8
– Elfriede 47137 Kückendell- 31a
– Erich 47137 Moritz-Tigler- 21
Steinert Erna 47169 Weseler- 119
– Erwin 47239 Am Lohkamp 26
– Frank 47228 Beguinen- 28
– Frank 47058 Felsen- 8
– Franziska 47138 Westender- 52
– Gertrud 47138 Kanal- 18
– Günter 47198 Dunker- 34
– Günter 47178 Oswald- 66
– Günter 47259 Sandmüllersweg 30
– Hans-Joachim 47137 Honig- 31
– Harry 47058 Bechem- 15
– Heike 47198 Dunker- 34
– Heiko 47249 Angertaler- 98
– Heinrich 47228 Peschmann- 35
– Heinz 47059 Ruhrorter- 55
– Herbert 47166 Bayreuther- 15
– Hildegard 47179 Kurze- 30
– Hiltrud 47198 Margarethen- 31
– Holger 47053 Hochfeld- 23
– Ingetraud 47249 Molberg- 17
– Ingo 47166 Bayreuther- 15
– Irmgard 47179 Im Birkenhain 8
– Jessika 47137 Honig- 31
– Jörg 47198 Margarethen- 31
– Josef 47198 Dietrich-Bonhoeffer- 17
– Julia 47226 Kar- 24
– Karl-Heinz 47228 In den Peschen 5
– Klaus 47051 Landfermann- 26
– Kurt 47053 Hochfeld- 23
– Lieselotte
47198 Dietrich-Bonhoeffer- 17
– Margarete 47137 Auf dem Damm 23
– Maria 47178 Oswald- 66
– Maria 47119 Schill- 34
– Marianne 47259 Otto-Hellwig- 4
– Max 47249 Dachstein- 19
– Melanie 47198 Johannis- 8
– Michael 47198 Ruhrorter- 13
– Michaela 47053 Hochfeld- 23
– Nina 47059 Ruhrorter- 70
– Norman 47198 Johannis- 3
– Penka 47058 Hansa- 60
– Petra 47259 Am Langen Bongert 4
– Renate 47053 Hochfeld- 23
– Sabine 47228 In den Peschen 5
– Silke 47239 Am Lohkamp 26
– Supatra 47058 Bechem- 15
– Therese 47249 Angertaler- 98
– Thomas 47198 Johannis- 8
– Ursula 47137 Honig- 31
– Ursula 47059 Ruhrorter- 55
– Werner 47179 Kurze- 30
Steines Axel 47137 Biesen- 45
– Christian 47137 Biesen- 45
– Dirk 47167 Ruprecht- 14
– Doris 47179 Nüßmannsweg 8
– Erika 47167 Ruprecht- 14
– Judith 47179 Nüßmannsweg 8
– Karin 47137 Biesen- 45
– Klara 47179 Nüßmannsweg 8
– Klaus 47137 Auf dem Damm 35
– Lilli 47137 Auf dem Damm 35
– Lothar 47137 Biesen- 45
– Manfred 47179 Nüßmannsweg 8
– Martin 47137 Biesen- 45
– Norbert 47137 Biesen- 45
– Norbert 47058 Duissern- 61
– Peter 47167 Stifter- 2
– Petronelle 47058 Duissern- 61
– Stephan 47057 Otto-Keller- 5
– Thomas 47137 Biesen- 45
Steinfartz Klaus
47198 Duisburger- 380
– Marion 47198 Duisburger- 380
Steinfeld Alexander
47169 Waldecker- 41
– Dirk 47167 Holtener- 323
– Gottfried 47259 Schlehenweg 19
– Hiltraut 47137 Von-der-Mark- 23
– Iris 47228 Mühlenweg 80
– Johanna 47169 Kaiser-Friedrich- 65
– Karin 47169 Kaiser-Friedrich- 65
– Karl-Heinz 47169 Waldecker- 41
– Kurt 47137 Von-der-Mark- 23
– Robin 47059 Gabienz- 22
– Roswitha 47169 Waldecker- 41
– Sandra 47167 Holtener- 323
Steinfeldt Cynthia 47249 Molberg- 17
– Günter 47259 Kolumbus- 26
– Gudrun 47259 Kolumbus- 26
– Petra 47259 Kolumbus- 26
– Thomas 47259 Kolumbus- 26
Steinfort Günther 47226 Bruckner- 4
Steinforth Astrid
47259 Angerhauser- 66
– Brigitte 47239 Uhland- 3
– Elisabeth 47239 Uhland- 3
– Elisabeth 47269 Jasmin- 21
– Erika 47269 Weier- 25
– Erwin 47279 An der Bastei 94
– Gerlinde 47259 Raiffeisen- 24
– Harald 47269 Weier- 25
– Heidemarie 47259 An der Bastei 94
– Hilde 47167 Max-Planck- 5
– Jürgen 47259 Weier- 25
– Kurt 47259 Raiffeisen- 24
– Marianne 47259 Raiffeisen- 170
– Sibille 47249 Dahlien- 60
Steinforth Sieglinde 47051 Nahe- 24
Steinhaus Brigitte 47138 Neumühler- 39
– Manfred 47179 Büsacker- 38
Steingens Stefan 47269 An der Huf 12
Steingräber Adelheid
47169 Herrenwiese 114
– Anna 47178 Hermann- 32
– Antje 47169 Herrenwiese 114
– Bernd 47169 Herrenwiese 114
– Charlotte 47167 Kopernikus- 122
– Erika 47058 Luther- 32
– Frank 47178 Hermann- 32
– Guido 47053 Zeppelin- 19
– Horst 47055 Flieder- 21
– Ilse 47057 Stein- 19
– Ingrid 47058 Luther- 32
– Nicole 47053 Zeppelin- 19
– Willi 47167 Kopernikus- 122
Steingraf Martha
47198 Mühlmer- 140
Steingrube Agnes
47249 Windhuker Pfad 7b
– Annegret 47057 Fraunhofer- 5
Firmen, Gewerbebetriebe usw. nach Namen – siehe gelber Teil	A-DU
